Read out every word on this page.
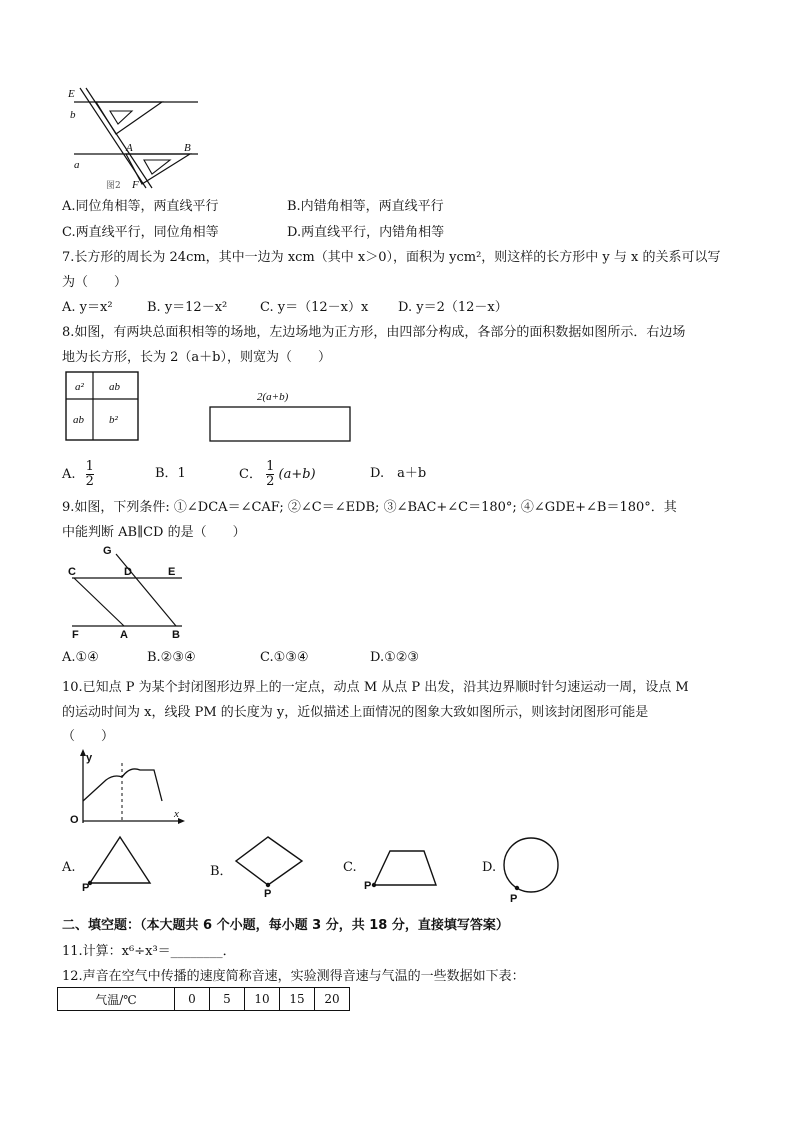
E
b
a
A	B
F
图2
A.同位角相等，两直线平行	B.内错角相等，两直线平行
C.两直线平行，同位角相等	D.两直线平行，内错角相等
7.长方形的周长为 24cm，其中一边为 xcm（其中 x＞0），面积为 ycm²，则这样的长方形中 y 与 x 的关系可以写
为（　　）
A. y＝x²	B. y＝12－x²	C. y＝（12－x）x D. y＝2（12－x）
8.如图，有两块总面积相等的场地，左边场地为正方形，由四部分构成，各部分的面积数据如图所示．右边场
地为长方形，长为 2（a＋b），则宽为（　　）
a² ab
ab b²
2(a+b)
A. $\frac{1}{2}$	B．1	C． $\frac{1}{2} (a+b)$	D.　a＋b
9.如图，下列条件: ①∠DCA＝∠CAF; ②∠C＝∠EDB; ③∠BAC+∠C＝180°; ④∠GDE+∠B＝180°．其
中能判断 AB∥CD 的是（　　）
G
C	D	E
F	A	B
A.①④	B.②③④	C.①③④	D.①②③
10.已知点 P 为某个封闭图形边界上的一定点，动点 M 从点 P 出发，沿其边界顺时针匀速运动一周，设点 M
的运动时间为 x，线段 PM 的长度为 y，近似描述上面情况的图象大致如图所示，则该封闭图形可能是
（　　）
y
O	x
A.
P
B．
P
C.
P
D.
P
二、填空题：（本大题共 6 个小题，每小题 3 分，共 18 分，直接填写答案）
11.计算：x⁶÷x³＝________．
12.声音在空气中传播的速度简称音速，实验测得音速与气温的一些数据如下表：
气温/℃	0	5	10	15	20
